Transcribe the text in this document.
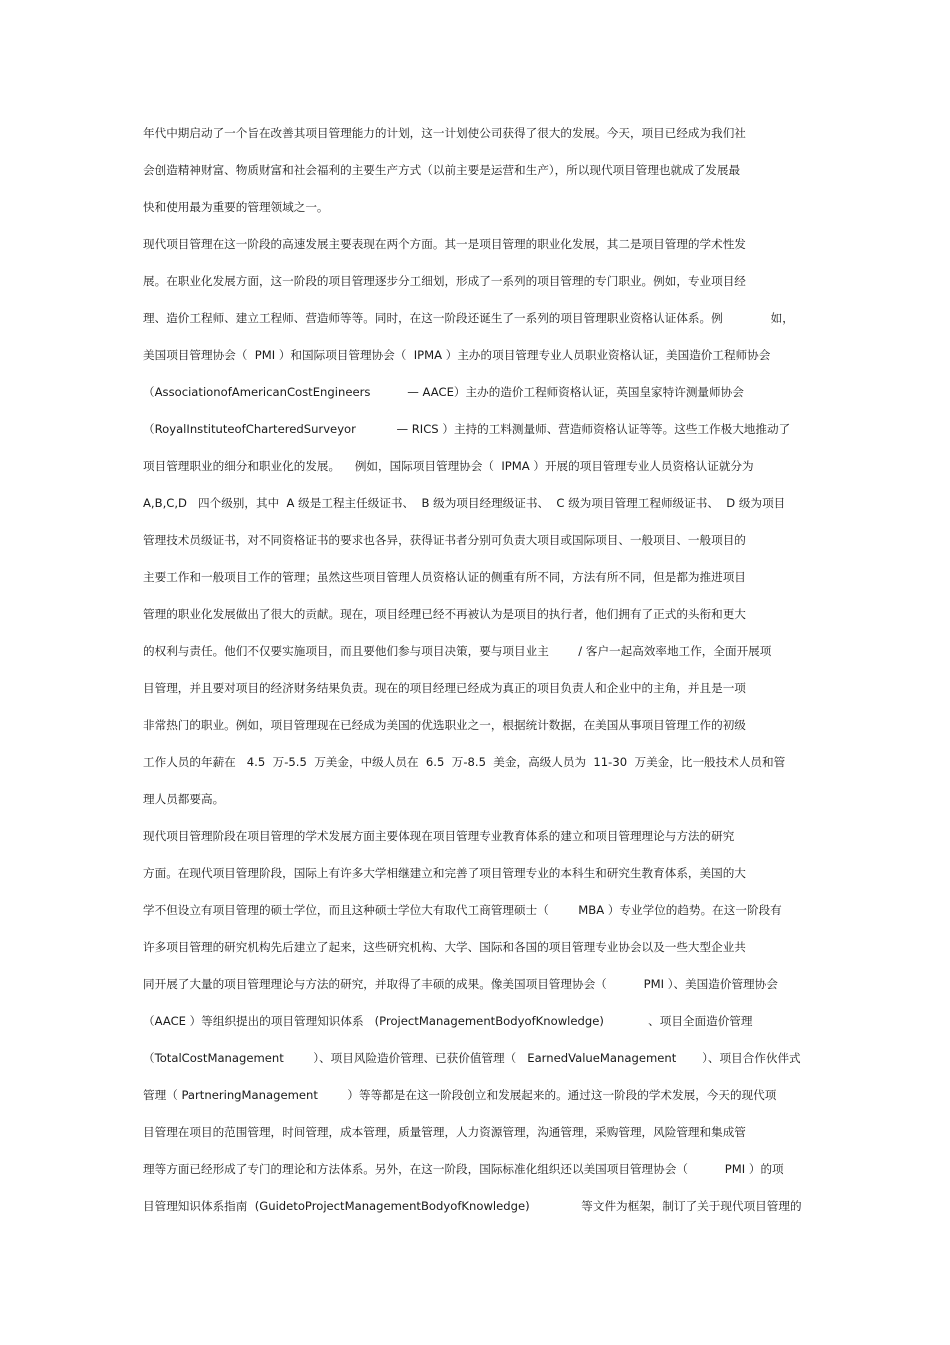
年代中期启动了一个旨在改善其项目管理能力的计划，这一计划使公司获得了很大的发展。今天，项目已经成为我们社
会创造精神财富、物质财富和社会福利的主要生产方式（以前主要是运营和生产），所以现代项目管理也就成了发展最
快和使用最为重要的管理领域之一。
现代项目管理在这一阶段的高速发展主要表现在两个方面。其一是项目管理的职业化发展，其二是项目管理的学术性发
展。在职业化发展方面，这一阶段的项目管理逐步分工细划，形成了一系列的项目管理的专门职业。例如，专业项目经
理、造价工程师、建立工程师、营造师等等。同时，在这一阶段还诞生了一系列的项目管理职业资格认证体系。例             如，
美国项目管理协会（  PMI ）和国际项目管理协会（  IPMA ）主办的项目管理专业人员职业资格认证，美国造价工程师协会
（AssociationofAmericanCostEngineers          — AACE）主办的造价工程师资格认证，英国皇家特许测量师协会
（RoyalInstituteofCharteredSurveyor           — RICS ）主持的工料测量师、营造师资格认证等等。这些工作极大地推动了
项目管理职业的细分和职业化的发展。    例如，国际项目管理协会（  IPMA ）开展的项目管理专业人员资格认证就分为
A,B,C,D   四个级别，其中  A 级是工程主任级证书、  B 级为项目经理级证书、  C 级为项目管理工程师级证书、  D 级为项目
管理技术员级证书，对不同资格证书的要求也各异，获得证书者分别可负责大项目或国际项目、一般项目、一般项目的
主要工作和一般项目工作的管理；虽然这些项目管理人员资格认证的侧重有所不同，方法有所不同，但是都为推进项目
管理的职业化发展做出了很大的贡献。现在，项目经理已经不再被认为是项目的执行者，他们拥有了正式的头衔和更大
的权利与责任。他们不仅要实施项目，而且要他们参与项目决策，要与项目业主        / 客户一起高效率地工作，全面开展项
目管理，并且要对项目的经济财务结果负责。现在的项目经理已经成为真正的项目负责人和企业中的主角，并且是一项
非常热门的职业。例如，项目管理现在已经成为美国的优选职业之一，根据统计数据，在美国从事项目管理工作的初级
工作人员的年薪在   4.5  万-5.5  万美金，中级人员在  6.5  万-8.5  美金，高级人员为  11-30  万美金，比一般技术人员和管
理人员都要高。
现代项目管理阶段在项目管理的学术发展方面主要体现在项目管理专业教育体系的建立和项目管理理论与方法的研究
方面。在现代项目管理阶段，国际上有许多大学相继建立和完善了项目管理专业的本科生和研究生教育体系，美国的大
学不但设立有项目管理的硕士学位，而且这种硕士学位大有取代工商管理硕士（        MBA ）专业学位的趋势。在这一阶段有
许多项目管理的研究机构先后建立了起来，这些研究机构、大学、国际和各国的项目管理专业协会以及一些大型企业共
同开展了大量的项目管理理论与方法的研究，并取得了丰硕的成果。像美国项目管理协会（          PMI ）、美国造价管理协会
（AACE ）等组织提出的项目管理知识体系   (ProjectManagementBodyofKnowledge)            、项目全面造价管理
（TotalCostManagement        ）、项目风险造价管理、已获价值管理（   EarnedValueManagement       ）、项目合作伙伴式
管理（ PartneringManagement        ）等等都是在这一阶段创立和发展起来的。通过这一阶段的学术发展，今天的现代项
目管理在项目的范围管理，时间管理，成本管理，质量管理，人力资源管理，沟通管理，采购管理，风险管理和集成管
理等方面已经形成了专门的理论和方法体系。另外，在这一阶段，国际标准化组织还以美国项目管理协会（          PMI ）的项
目管理知识体系指南  (GuidetoProjectManagementBodyofKnowledge)              等文件为框架，制订了关于现代项目管理的
